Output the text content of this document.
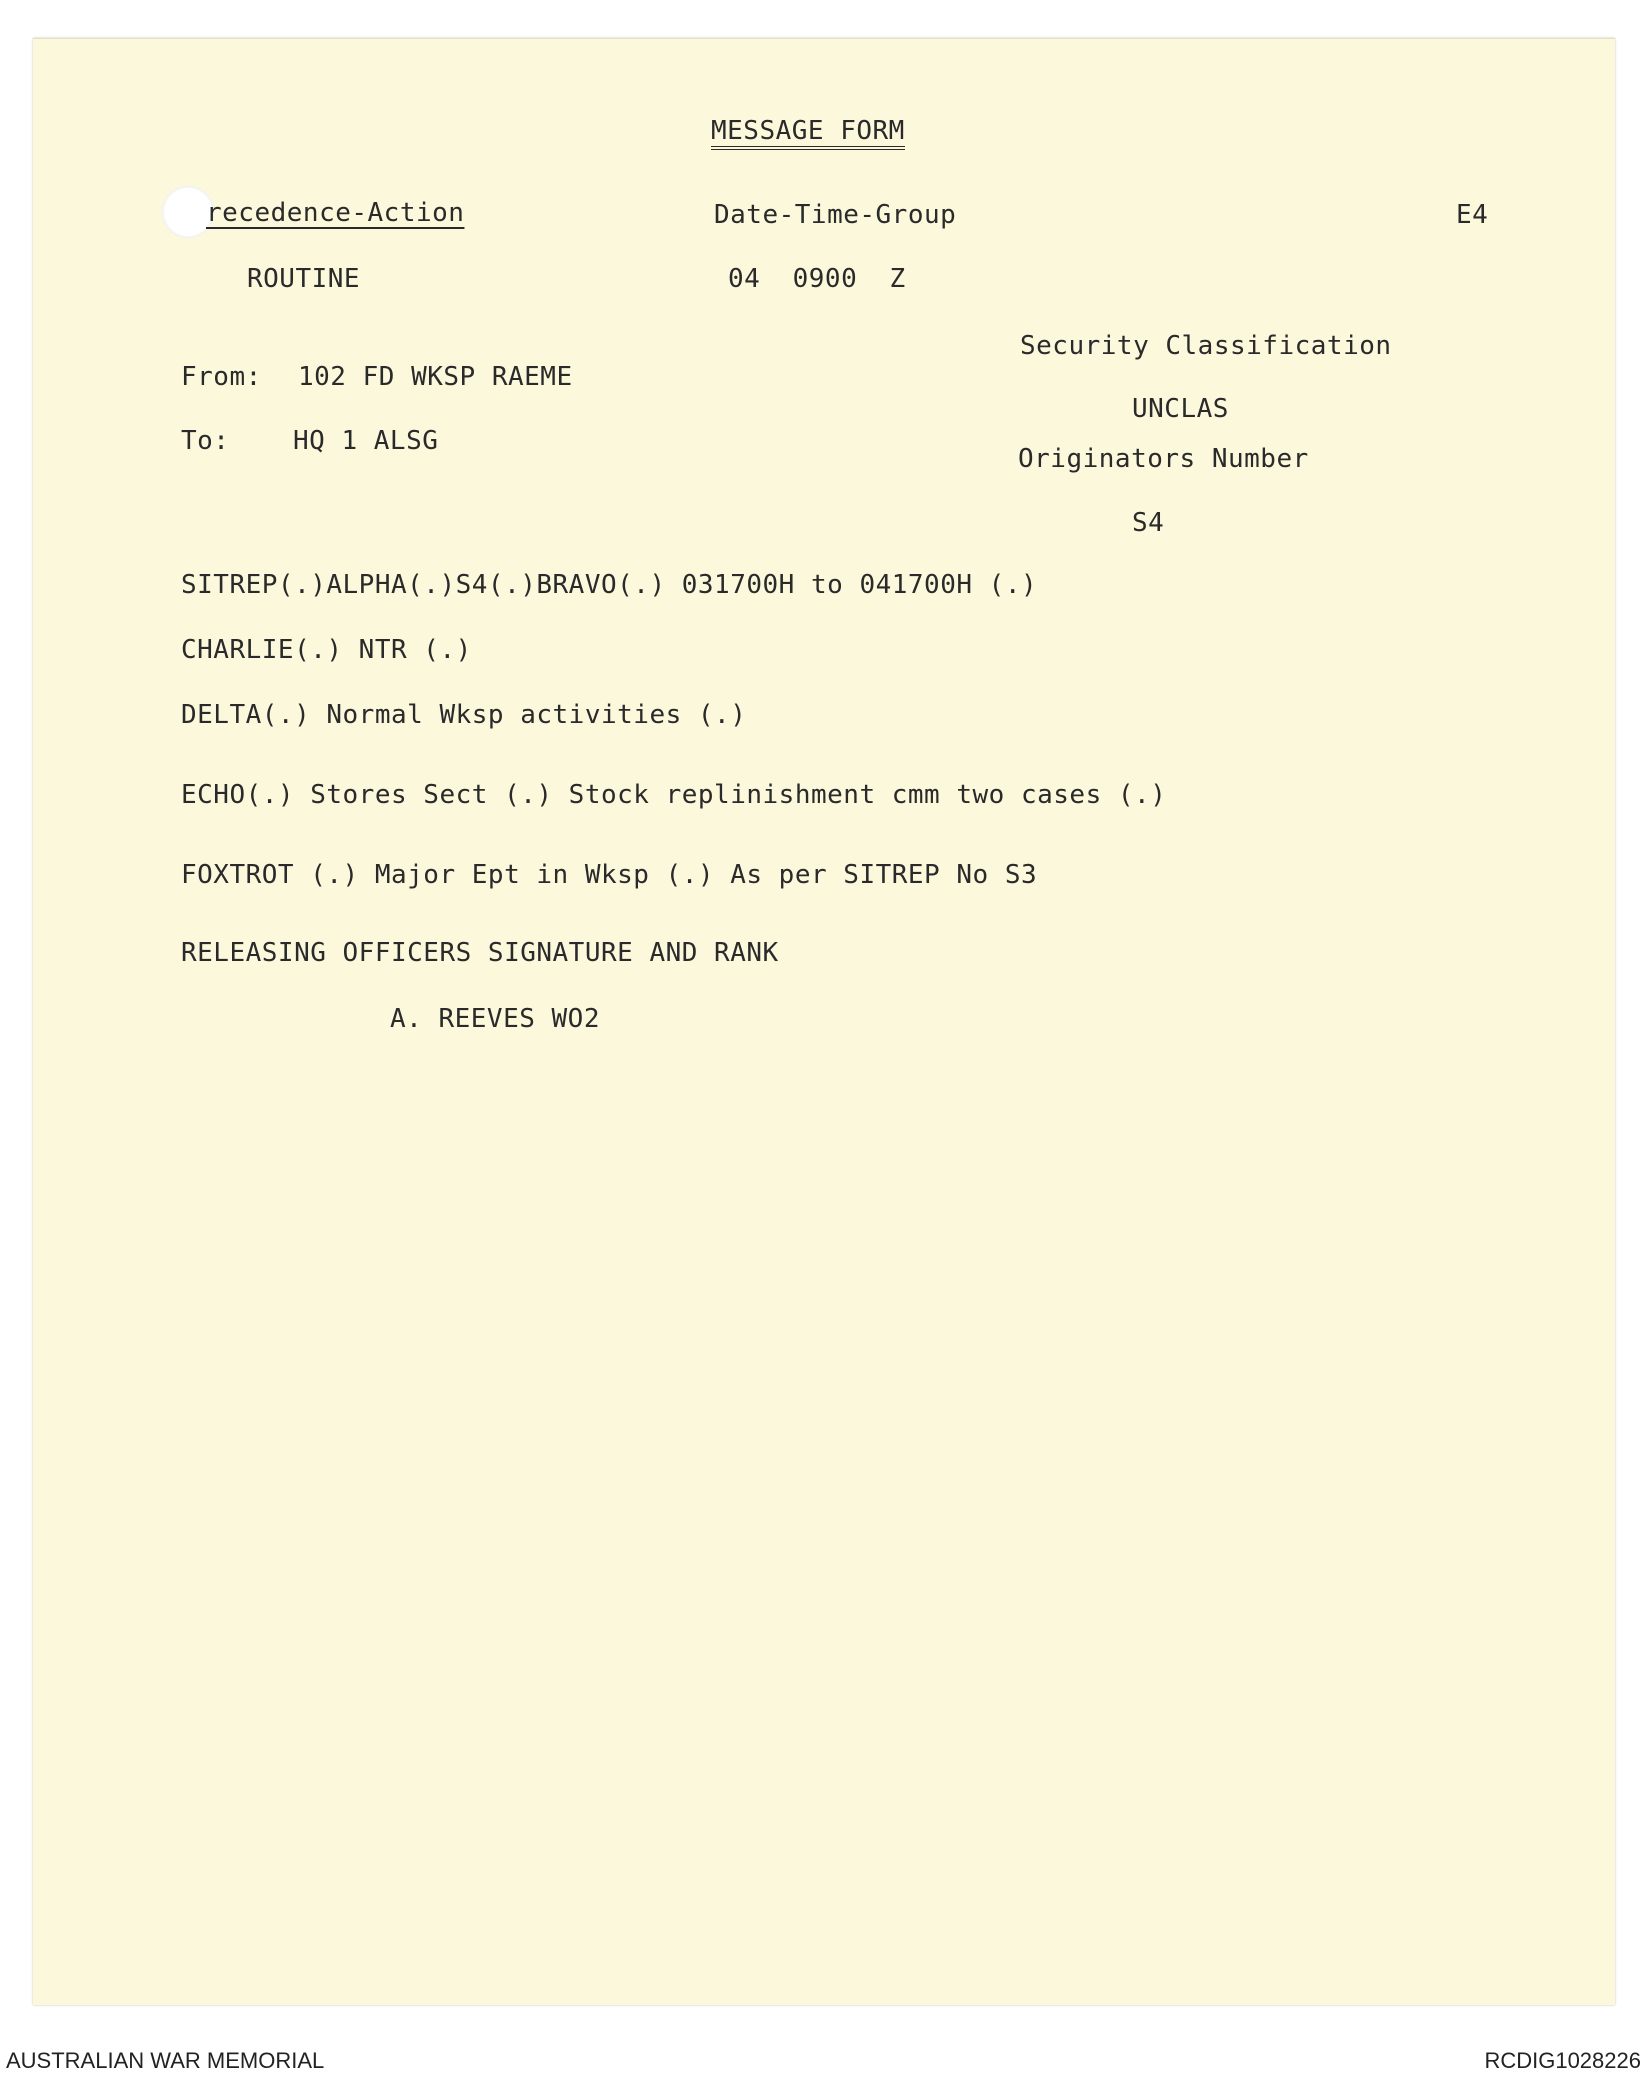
MESSAGE FORM
recedence-Action
ROUTINE
Date-Time-Group
04  0900  Z
E4
Security Classification
UNCLAS
Originators Number
S4
From: 102 FD WKSP RAEME
To: HQ 1 ALSG
SITREP(.)ALPHA(.)S4(.)BRAVO(.) 031700H to 041700H (.)
CHARLIE(.) NTR (.)
DELTA(.) Normal Wksp activities (.)
ECHO(.) Stores Sect (.) Stock replinishment cmm two cases (.)
FOXTROT (.) Major Ept in Wksp (.) As per SITREP No S3
RELEASING OFFICERS SIGNATURE AND RANK
A. REEVES WO2
AUSTRALIAN WAR MEMORIAL	RCDIG1028226
